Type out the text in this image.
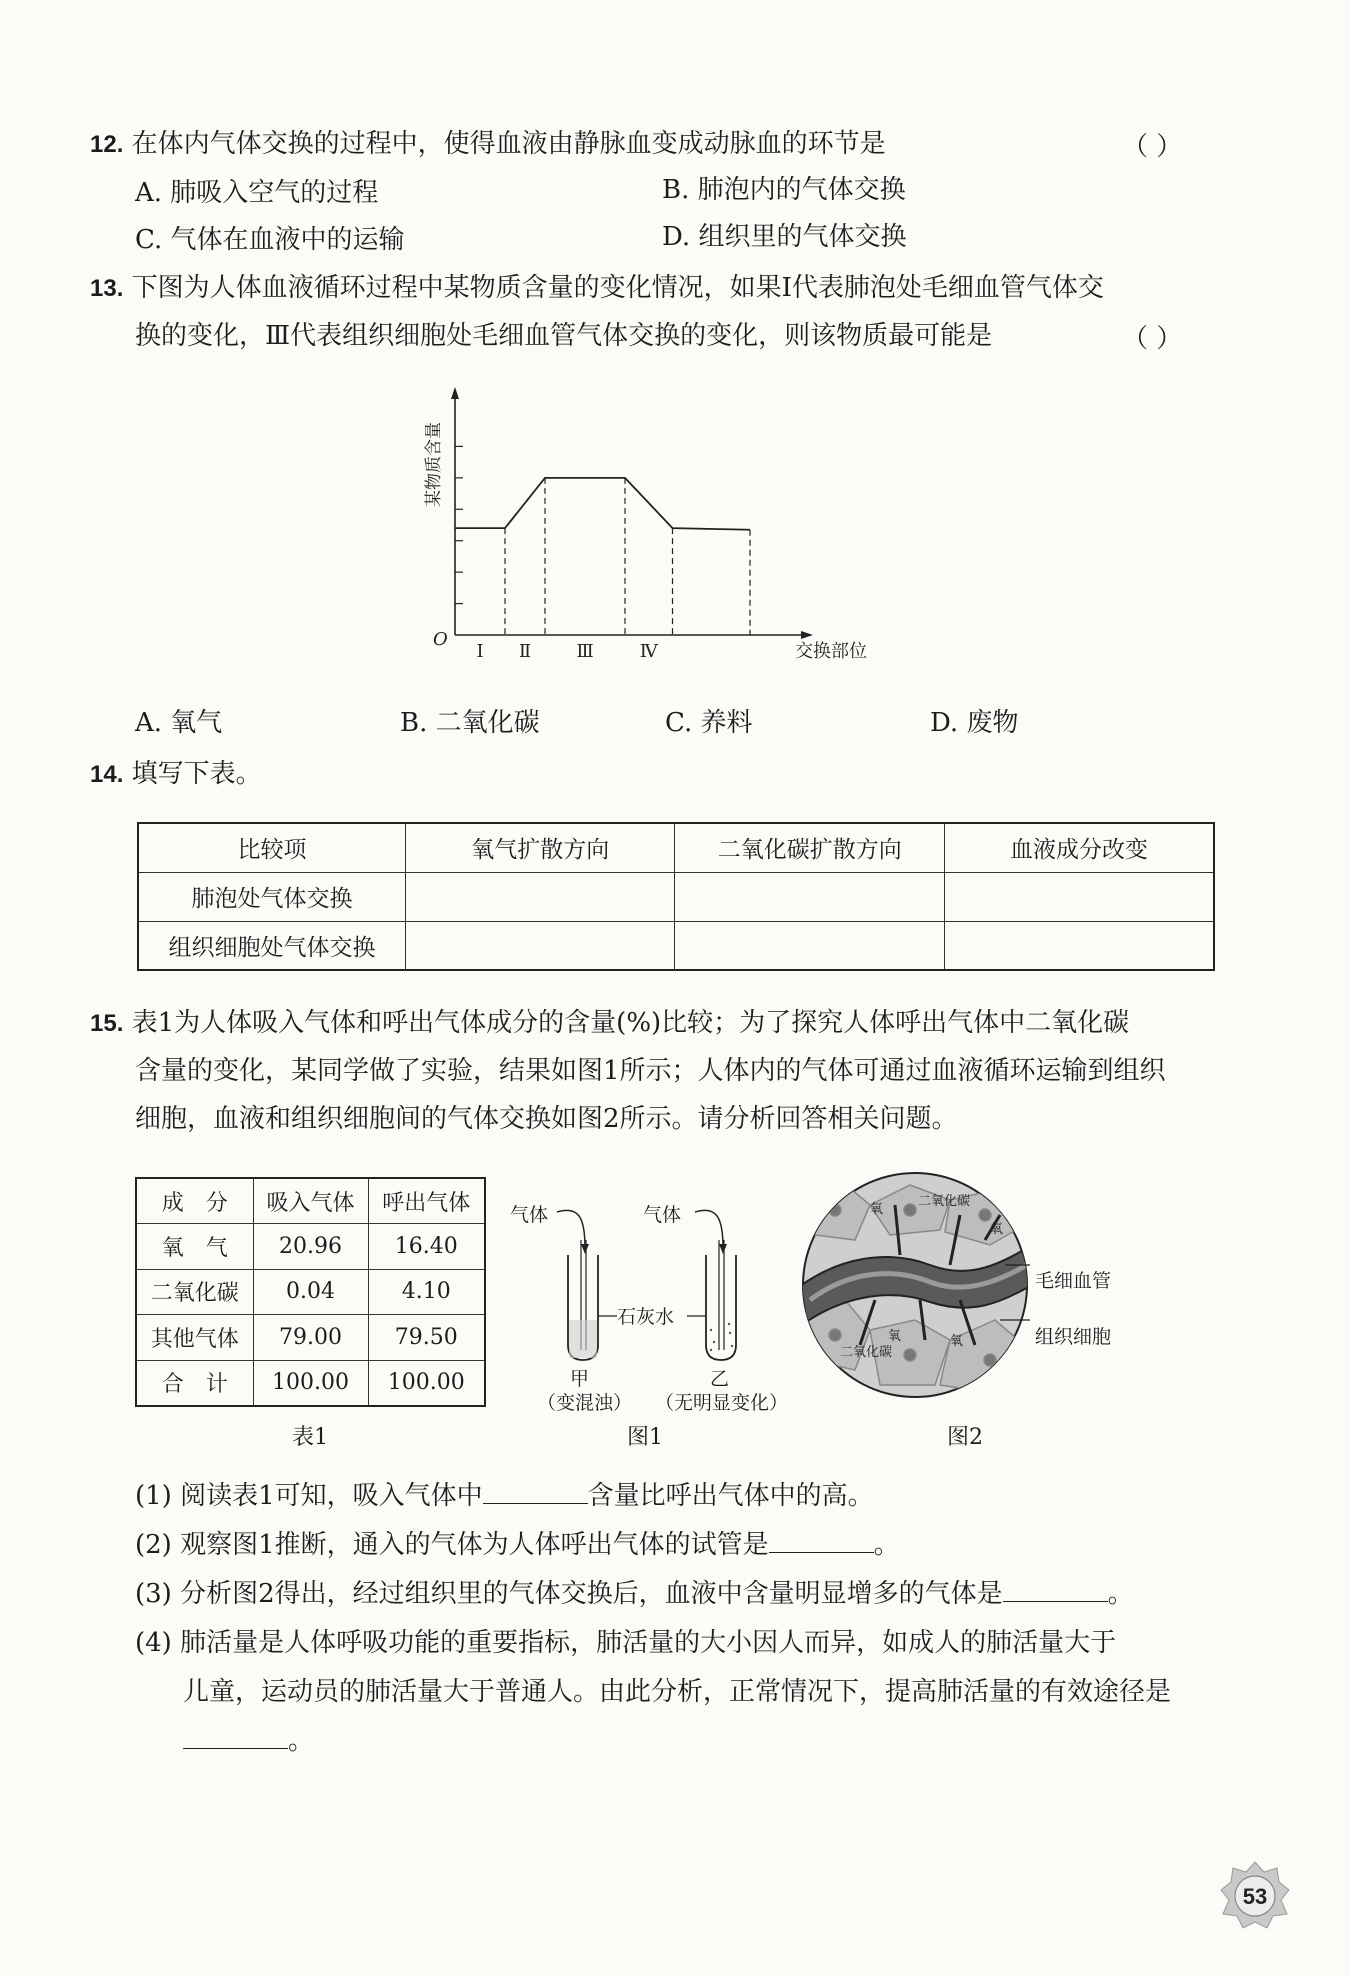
12. 在体内气体交换的过程中，使得血液由静脉血变成动脉血的环节是	（ ）
A. 肺吸入空气的过程	B. 肺泡内的气体交换
C. 气体在血液中的运输	D. 组织里的气体交换
13. 下图为人体血液循环过程中某物质含量的变化情况，如果Ⅰ代表肺泡处毛细血管气体交
换的变化，Ⅲ代表组织细胞处毛细血管气体交换的变化，则该物质最可能是	（ ）
Ⅰ Ⅱ	Ⅲ	Ⅳ
O
交换部位
某物质含量
A. 氧气	B. 二氧化碳	C. 养料	D. 废物
14. 填写下表。
比较项	氧气扩散方向	二氧化碳扩散方向	血液成分改变
肺泡处气体交换			
组织细胞处气体交换			
15. 表1为人体吸入气体和呼出气体成分的含量(%)比较；为了探究人体呼出气体中二氧化碳
含量的变化，某同学做了实验，结果如图1所示；人体内的气体可通过血液循环运输到组织
细胞，血液和组织细胞间的气体交换如图2所示。请分析回答相关问题。
成　分	吸入气体	呼出气体
氧　气	20.96	16.40
二氧化碳	0.04	4.10
其他气体	79.00	79.50
合　计	100.00	100.00
表1
气体	气体
石灰水
甲
（变混浊）
乙
（无明显变化）
图1
氧
二氧化碳
氧
氧
二氧化碳
氧
毛细血管
组织细胞
图2
(1) 阅读表1可知，吸入气体中	含量比呼出气体中的高。
(2) 观察图1推断，通入的气体为人体呼出气体的试管是	。
(3) 分析图2得出，经过组织里的气体交换后，血液中含量明显增多的气体是	。
(4) 肺活量是人体呼吸功能的重要指标，肺活量的大小因人而异，如成人的肺活量大于
儿童，运动员的肺活量大于普通人。由此分析，正常情况下，提高肺活量的有效途径是
。
53
